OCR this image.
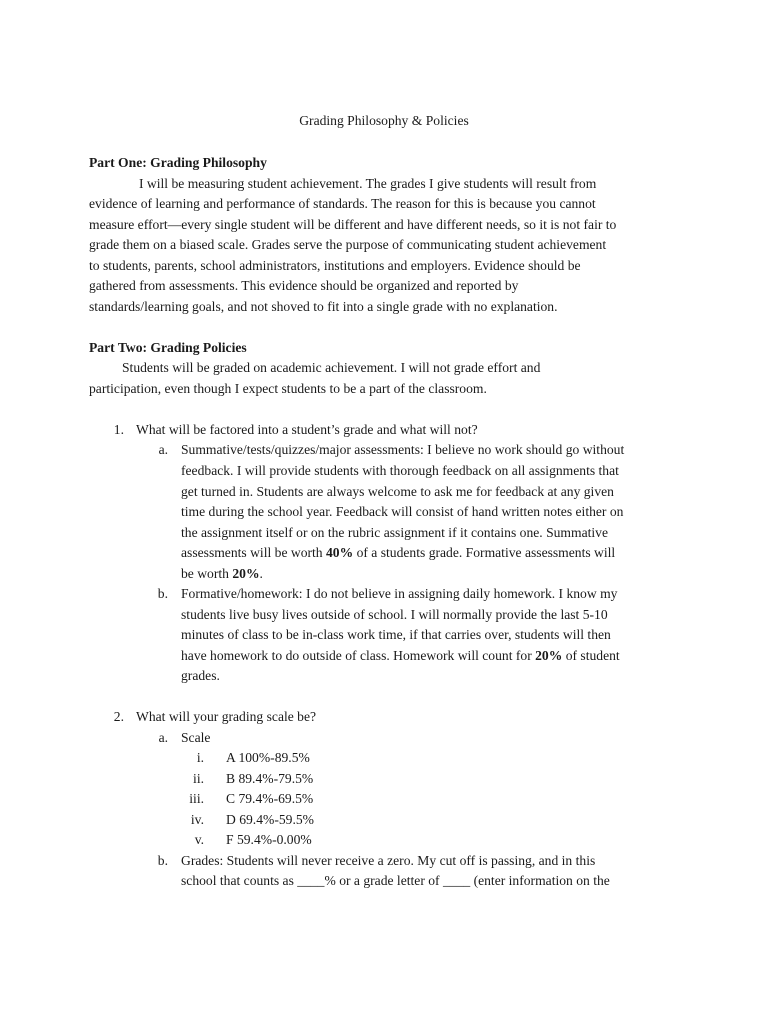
Grading Philosophy & Policies
Part One: Grading Philosophy
I will be measuring student achievement. The grades I give students will result from
evidence of learning and performance of standards. The reason for this is because you cannot
measure effort—every single student will be different and have different needs, so it is not fair to
grade them on a biased scale. Grades serve the purpose of communicating student achievement
to students, parents, school administrators, institutions and employers. Evidence should be
gathered from assessments. This evidence should be organized and reported by
standards/learning goals, and not shoved to fit into a single grade with no explanation.
Part Two: Grading Policies
Students will be graded on academic achievement. I will not grade effort and
participation, even though I expect students to be a part of the classroom.
1. What will be factored into a student’s grade and what will not?
a. Summative/tests/quizzes/major assessments: I believe no work should go without
feedback. I will provide students with thorough feedback on all assignments that
get turned in. Students are always welcome to ask me for feedback at any given
time during the school year. Feedback will consist of hand written notes either on
the assignment itself or on the rubric assignment if it contains one. Summative
assessments will be worth 40% of a students grade. Formative assessments will
be worth 20%.
b. Formative/homework: I do not believe in assigning daily homework. I know my
students live busy lives outside of school. I will normally provide the last 5-10
minutes of class to be in-class work time, if that carries over, students will then
have homework to do outside of class. Homework will count for 20% of student
grades.
2. What will your grading scale be?
a. Scale
i. A 100%-89.5%
ii. B 89.4%-79.5%
iii. C 79.4%-69.5%
iv. D 69.4%-59.5%
v. F 59.4%-0.00%
b. Grades: Students will never receive a zero. My cut off is passing, and in this
school that counts as ____% or a grade letter of ____ (enter information on the
